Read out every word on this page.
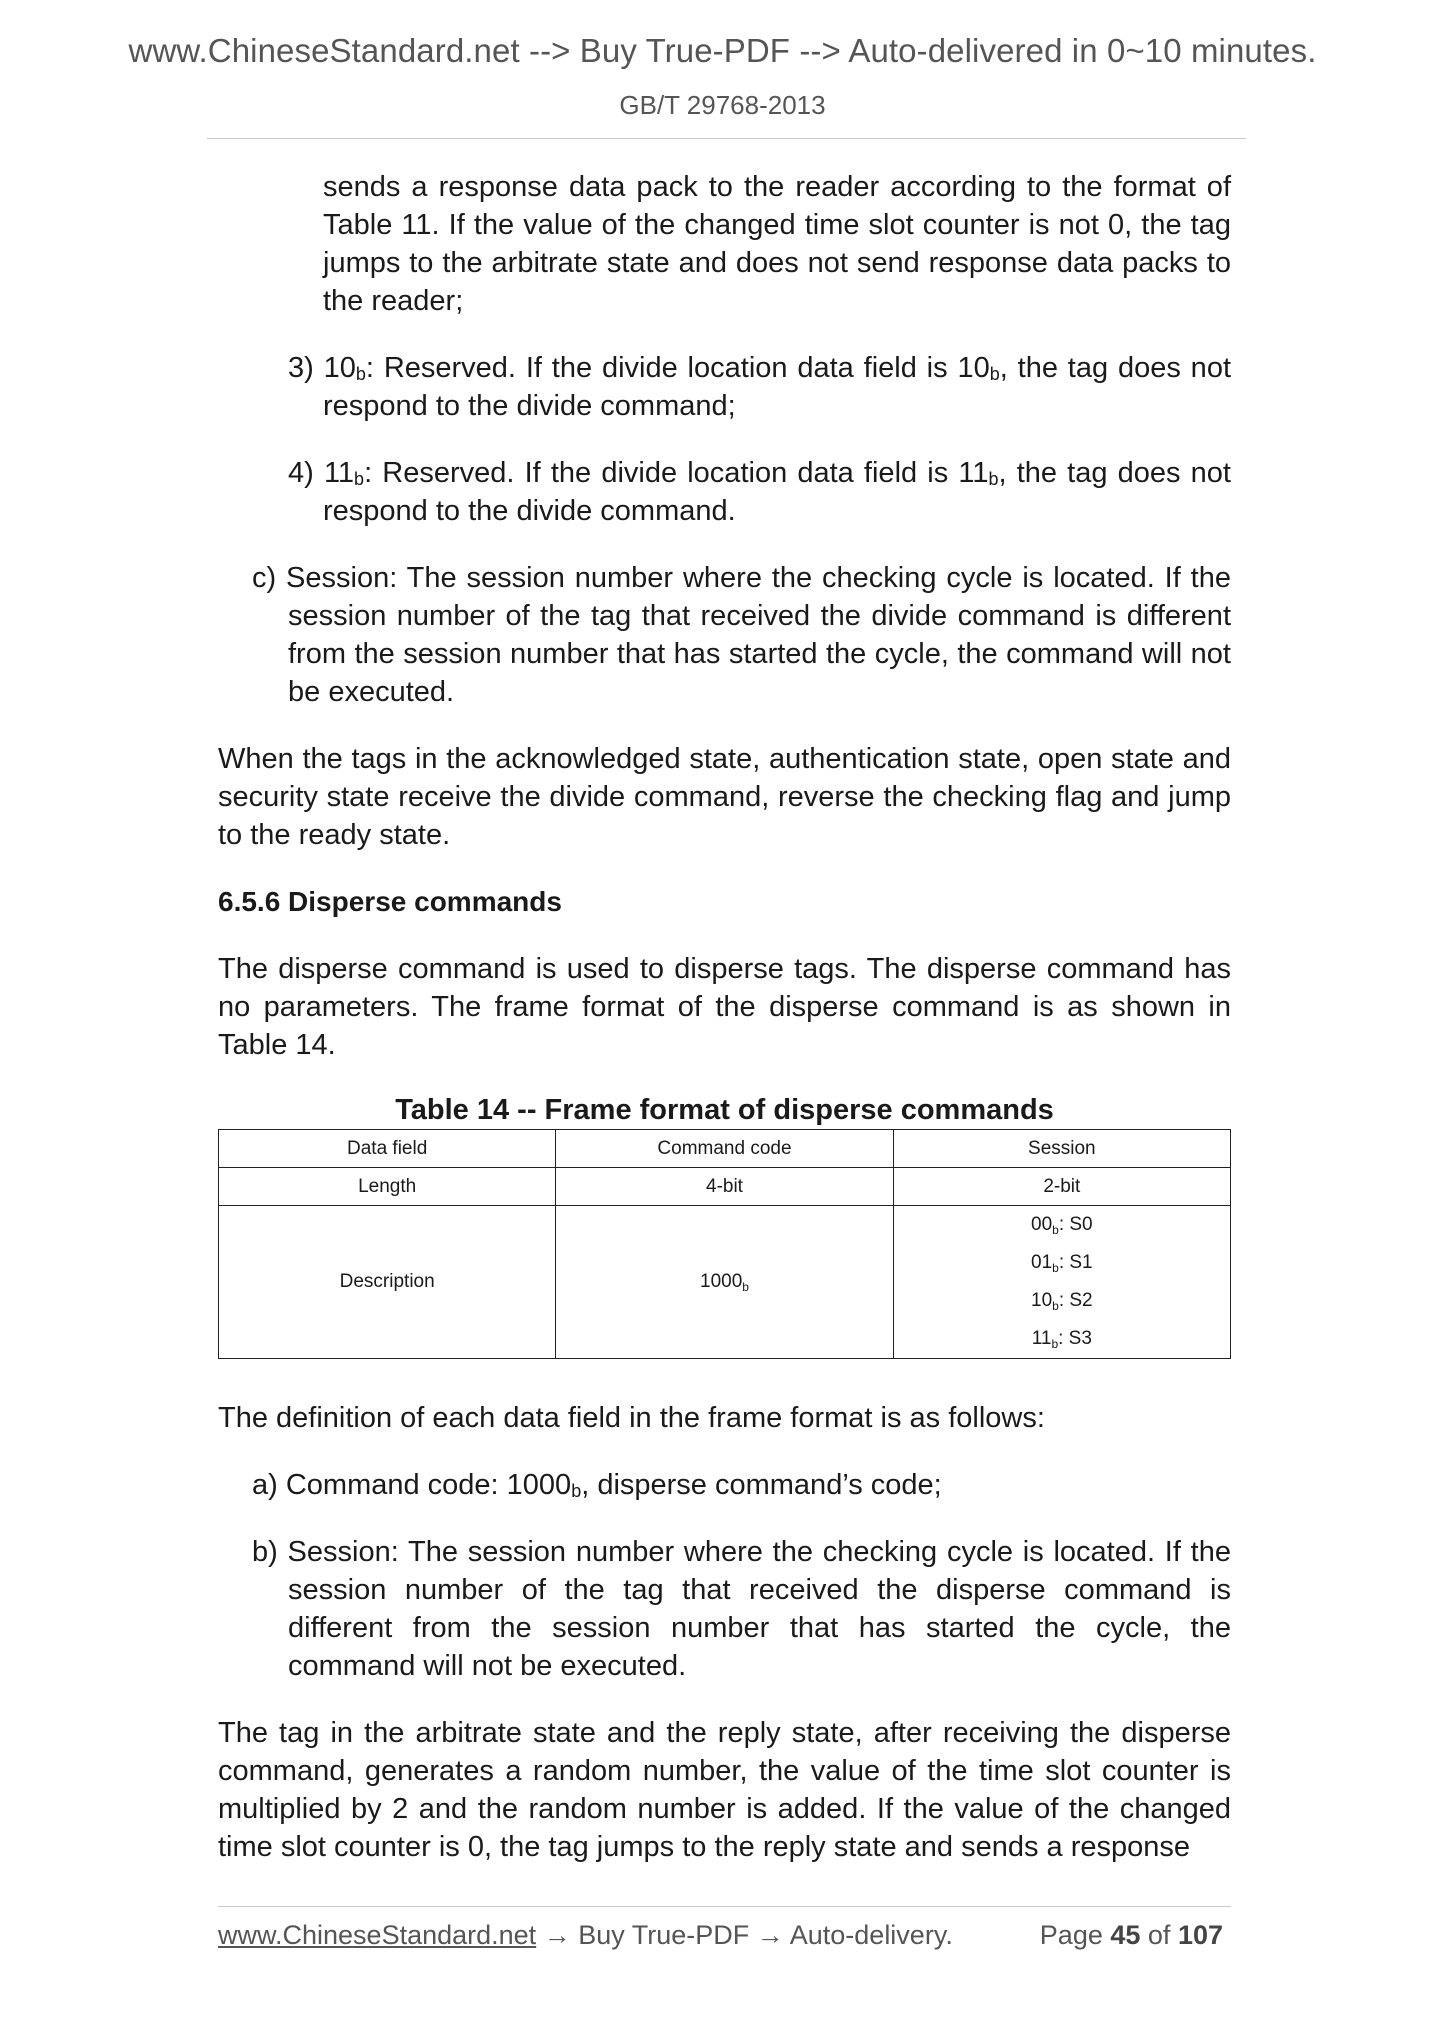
www.ChineseStandard.net --> Buy True-PDF --> Auto-delivered in 0~10 minutes.
GB/T 29768-2013

sends a response data pack to the reader according to the format of Table 11. If the value of the changed time slot counter is not 0, the tag jumps to the arbitrate state and does not send response data packs to the reader;

3) 10b: Reserved. If the divide location data field is 10b, the tag does not respond to the divide command;

4) 11b: Reserved. If the divide location data field is 11b, the tag does not respond to the divide command.

c) Session: The session number where the checking cycle is located. If the session number of the tag that received the divide command is different from the session number that has started the cycle, the command will not be executed.

When the tags in the acknowledged state, authentication state, open state and security state receive the divide command, reverse the checking flag and jump to the ready state.

6.5.6 Disperse commands

The disperse command is used to disperse tags. The disperse command has no parameters. The frame format of the disperse command is as shown in Table 14.

Table 14 -- Frame format of disperse commands
Data field	Command code	Session
Length	4-bit	2-bit
Description	$1000_b$	$00_b$: S0
$01_b$: S1
$10_b$: S2
$11_b$: S3

The definition of each data field in the frame format is as follows:

a) Command code: 1000b, disperse command’s code;

b) Session: The session number where the checking cycle is located. If the session number of the tag that received the disperse command is different from the session number that has started the cycle, the command will not be executed.

The tag in the arbitrate state and the reply state, after receiving the disperse command, generates a random number, the value of the time slot counter is multiplied by 2 and the random number is added. If the value of the changed time slot counter is 0, the tag jumps to the reply state and sends a response

www.ChineseStandard.net → Buy True-PDF → Auto-delivery.	Page 45 of 107
